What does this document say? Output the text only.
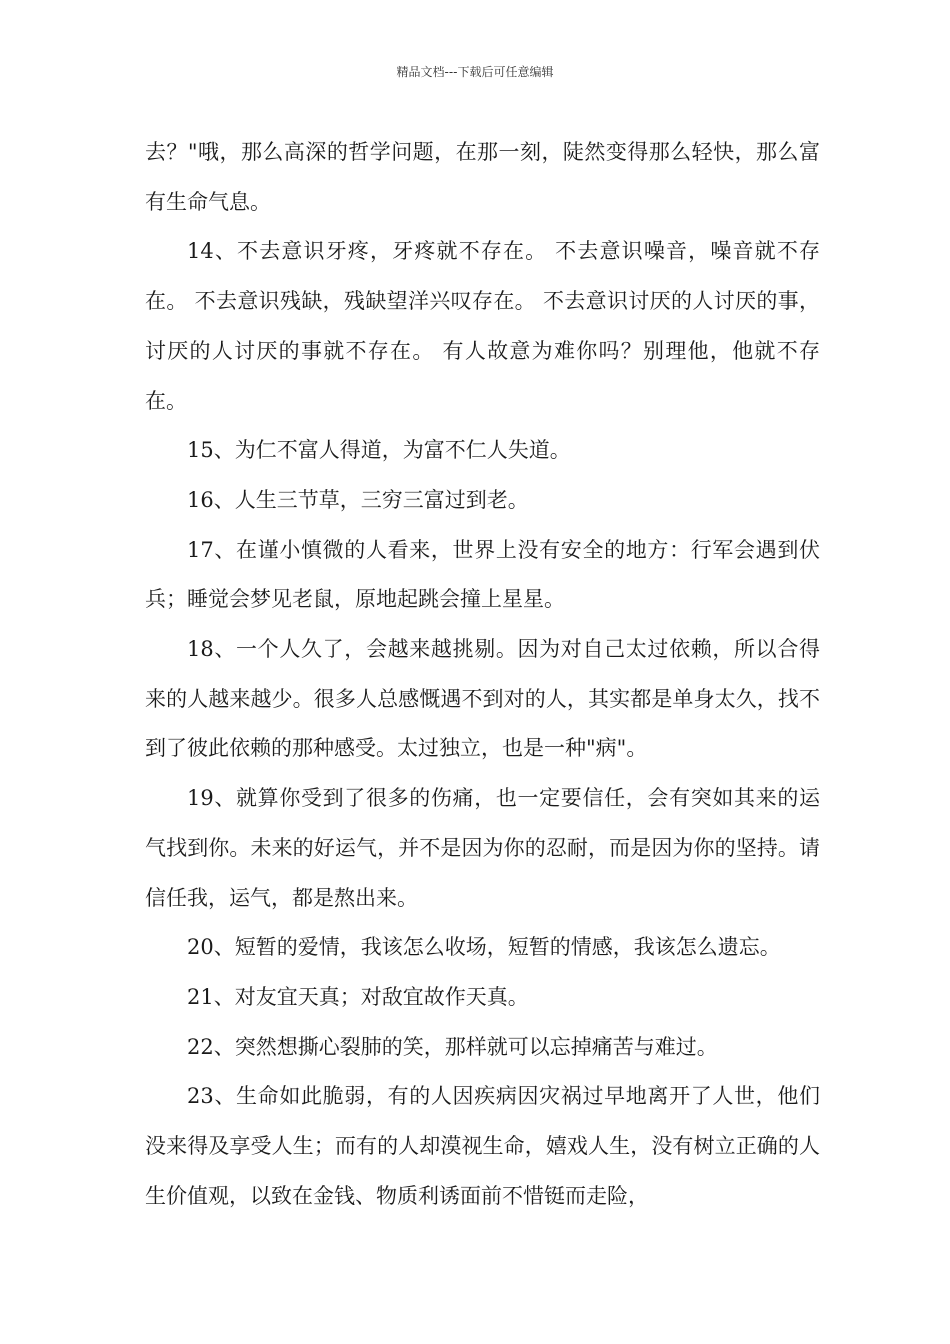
精品文档---下载后可任意编辑

去？"哦，那么高深的哲学问题，在那一刻，陡然变得那么轻快，那么富有生命气息。

14、不去意识牙疼，牙疼就不存在。 不去意识噪音，噪音就不存在。 不去意识残缺，残缺望洋兴叹存在。 不去意识讨厌的人讨厌的事，讨厌的人讨厌的事就不存在。 有人故意为难你吗？别理他，他就不存在。

15、为仁不富人得道，为富不仁人失道。

16、人生三节草，三穷三富过到老。

17、在谨小慎微的人看来，世界上没有安全的地方：行军会遇到伏兵；睡觉会梦见老鼠，原地起跳会撞上星星。

18、一个人久了，会越来越挑剔。因为对自己太过依赖，所以合得来的人越来越少。很多人总感慨遇不到对的人，其实都是单身太久，找不到了彼此依赖的那种感受。太过独立，也是一种"病"。

19、就算你受到了很多的伤痛，也一定要信任，会有突如其来的运气找到你。未来的好运气，并不是因为你的忍耐，而是因为你的坚持。请信任我，运气，都是熬出来。

20、短暂的爱情，我该怎么收场，短暂的情感，我该怎么遗忘。

21、对友宜天真；对敌宜故作天真。

22、突然想撕心裂肺的笑，那样就可以忘掉痛苦与难过。

23、生命如此脆弱，有的人因疾病因灾祸过早地离开了人世，他们没来得及享受人生；而有的人却漠视生命，嬉戏人生，没有树立正确的人生价值观，以致在金钱、物质利诱面前不惜铤而走险，
